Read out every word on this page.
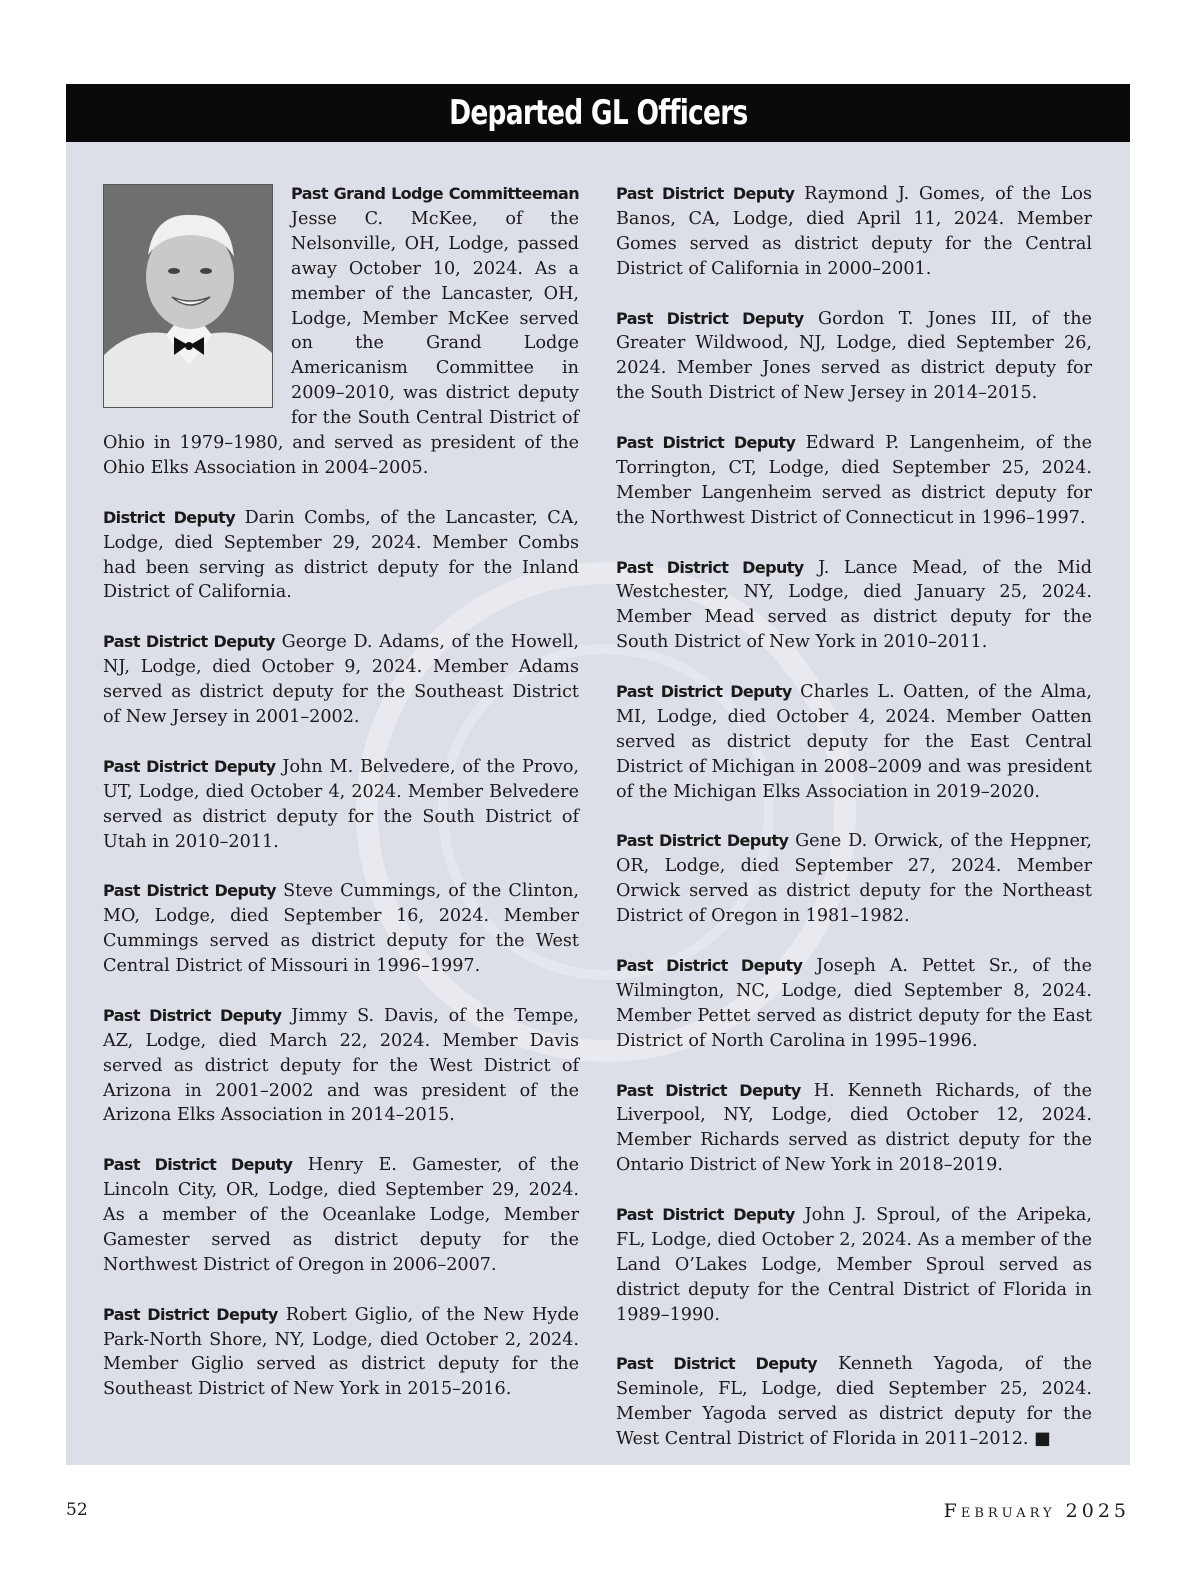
Departed GL Officers
Past Grand Lodge Committeeman Jesse C. McKee, of the Nelsonville, OH, Lodge, passed away October 10, 2024. As a member of the Lancaster, OH, Lodge, Member McKee served on the Grand Lodge Americanism Committee in 2009–2010, was district deputy for the South Central District of Ohio in 1979–1980, and served as president of the Ohio Elks Association in 2004–2005.

District Deputy Darin Combs, of the Lancaster, CA, Lodge, died September 29, 2024. Member Combs had been serving as district deputy for the Inland District of California.

Past District Deputy George D. Adams, of the Howell, NJ, Lodge, died October 9, 2024. Member Adams served as district deputy for the Southeast District of New Jersey in 2001–2002.

Past District Deputy John M. Belvedere, of the Provo, UT, Lodge, died October 4, 2024. Member Belvedere served as district deputy for the South District of Utah in 2010–2011.

Past District Deputy Steve Cummings, of the Clinton, MO, Lodge, died September 16, 2024. Member Cummings served as district deputy for the West Central District of Missouri in 1996–1997.

Past District Deputy Jimmy S. Davis, of the Tempe, AZ, Lodge, died March 22, 2024. Member Davis served as district deputy for the West District of Arizona in 2001–2002 and was president of the Arizona Elks Association in 2014–2015.

Past District Deputy Henry E. Gamester, of the Lincoln City, OR, Lodge, died September 29, 2024. As a member of the Oceanlake Lodge, Member Gamester served as district deputy for the Northwest District of Oregon in 2006–2007.

Past District Deputy Robert Giglio, of the New Hyde Park-North Shore, NY, Lodge, died October 2, 2024. Member Giglio served as district deputy for the Southeast District of New York in 2015–2016.

Past District Deputy Raymond J. Gomes, of the Los Banos, CA, Lodge, died April 11, 2024. Member Gomes served as district deputy for the Central District of California in 2000–2001.

Past District Deputy Gordon T. Jones III, of the Greater Wildwood, NJ, Lodge, died September 26, 2024. Member Jones served as district deputy for the South District of New Jersey in 2014–2015.

Past District Deputy Edward P. Langenheim, of the Torrington, CT, Lodge, died September 25, 2024. Member Langenheim served as district deputy for the Northwest District of Connecticut in 1996–1997.

Past District Deputy J. Lance Mead, of the Mid Westchester, NY, Lodge, died January 25, 2024. Member Mead served as district deputy for the South District of New York in 2010–2011.

Past District Deputy Charles L. Oatten, of the Alma, MI, Lodge, died October 4, 2024. Member Oatten served as district deputy for the East Central District of Michigan in 2008–2009 and was president of the Michigan Elks Association in 2019–2020.

Past District Deputy Gene D. Orwick, of the Heppner, OR, Lodge, died September 27, 2024. Member Orwick served as district deputy for the Northeast District of Oregon in 1981–1982.

Past District Deputy Joseph A. Pettet Sr., of the Wilmington, NC, Lodge, died September 8, 2024. Member Pettet served as district deputy for the East District of North Carolina in 1995–1996.

Past District Deputy H. Kenneth Richards, of the Liverpool, NY, Lodge, died October 12, 2024. Member Richards served as district deputy for the Ontario District of New York in 2018–2019.

Past District Deputy John J. Sproul, of the Aripeka, FL, Lodge, died October 2, 2024. As a member of the Land O’Lakes Lodge, Member Sproul served as district deputy for the Central District of Florida in 1989–1990.

Past District Deputy Kenneth Yagoda, of the Seminole, FL, Lodge, died September 25, 2024. Member Yagoda served as district deputy for the West Central District of Florida in 2011–2012. ■

52	February 2025
